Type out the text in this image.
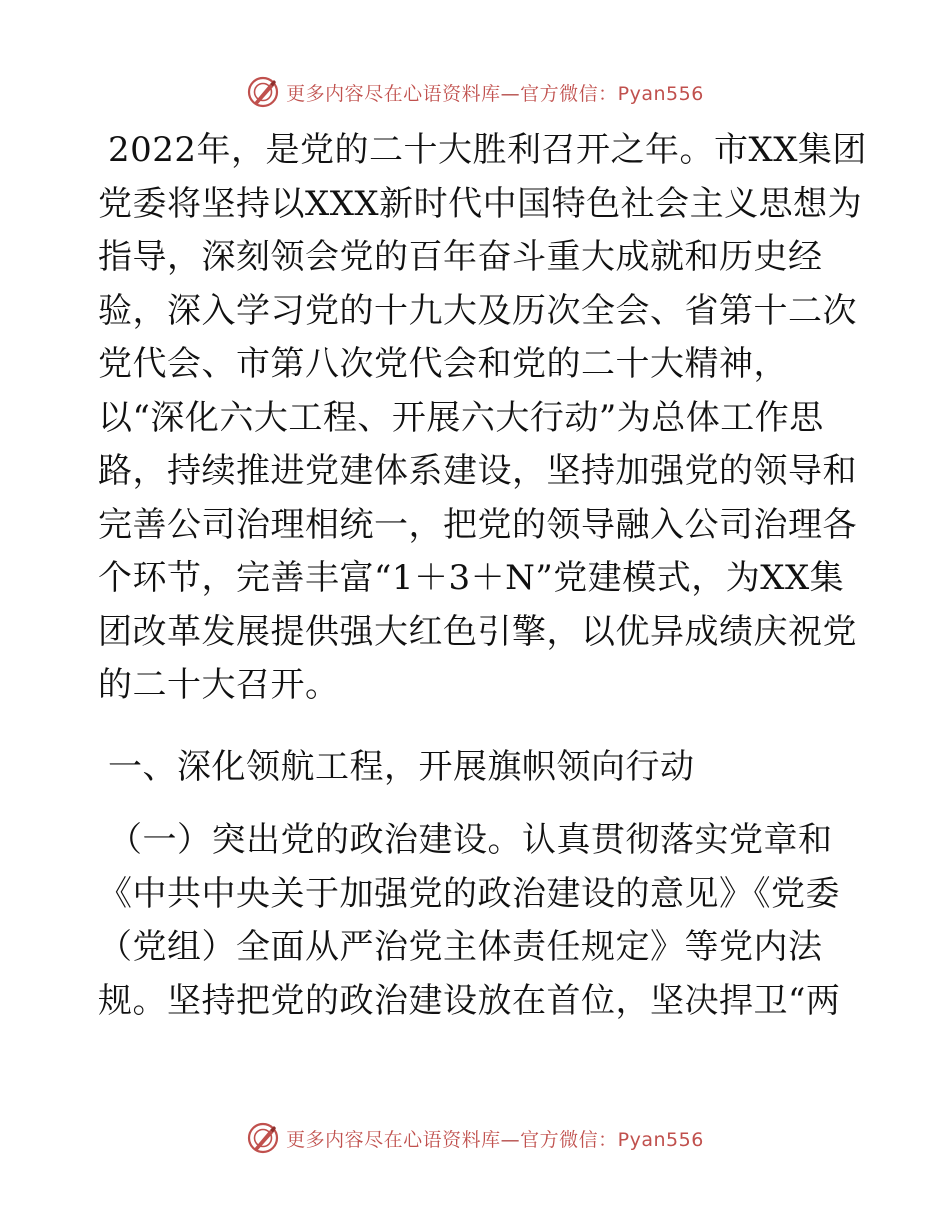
更多内容尽在心语资料库—官方微信：Pyan556
2022年，是党的二十大胜利召开之年。市XX集团
党委将坚持以XXX新时代中国特色社会主义思想为
指导，深刻领会党的百年奋斗重大成就和历史经
验，深入学习党的十九大及历次全会、省第十二次
党代会、市第八次党代会和党的二十大精神，
以“深化六大工程、开展六大行动”为总体工作思
路，持续推进党建体系建设，坚持加强党的领导和
完善公司治理相统一，把党的领导融入公司治理各
个环节，完善丰富“1＋3＋N”党建模式，为XX集
团改革发展提供强大红色引擎，以优异成绩庆祝党
的二十大召开。
一、深化领航工程，开展旗帜领向行动
（一）突出党的政治建设。认真贯彻落实党章和
《中共中央关于加强党的政治建设的意见》《党委
（党组）全面从严治党主体责任规定》等党内法
规。坚持把党的政治建设放在首位，坚决捍卫“两
更多内容尽在心语资料库—官方微信：Pyan556
